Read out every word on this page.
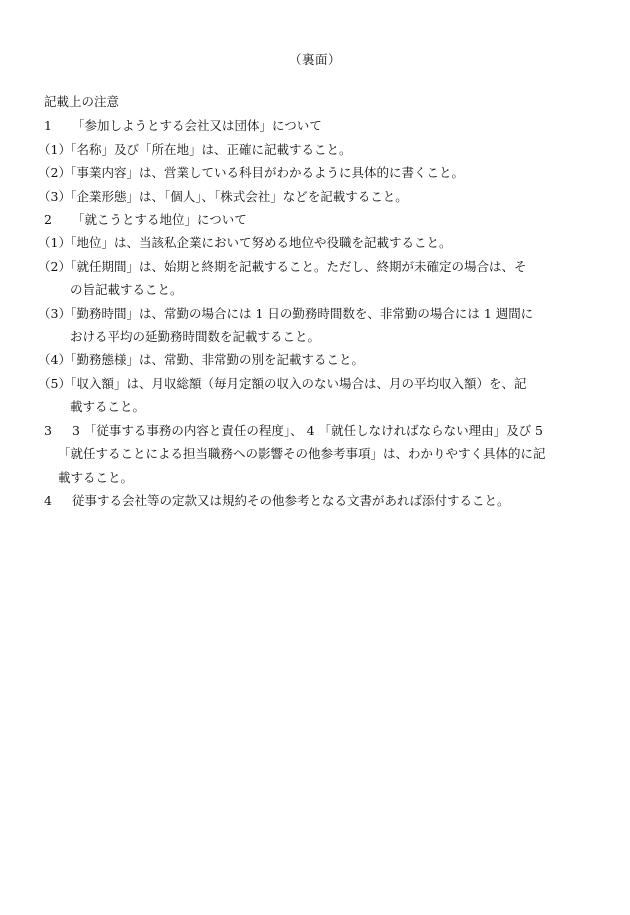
（裏面）
記載上の注意
1	「参加しようとする会社又は団体」について
（1）
「名称」及び「所在地」は、正確に記載すること。
（2）
「事業内容」は、営業している科目がわかるように具体的に書くこと。
（3）
「企業形態」は、「個人」、「株式会社」などを記載すること。
2	「就こうとする地位」について
（1）
「地位」は、当該私企業において努める地位や役職を記載すること。
（2）
「就任期間」は、始期と終期を記載すること。ただし、終期が未確定の場合は、そ
の旨記載すること。
（3）
「勤務時間」は、常勤の場合には 1 日の勤務時間数を、非常勤の場合には 1 週間に
おける平均の延勤務時間数を記載すること。
（4）
「勤務態様」は、常勤、非常勤の別を記載すること。
（5）
「収入額」は、月収総額（毎月定額の収入のない場合は、月の平均収入額）を、記
載すること。
3	3 「従事する事務の内容と責任の程度」、 4 「就任しなければならない理由」及び 5
「就任することによる担当職務への影響その他参考事項」は、わかりやすく具体的に記
載すること。
4	従事する会社等の定款又は規約その他参考となる文書があれば添付すること。
